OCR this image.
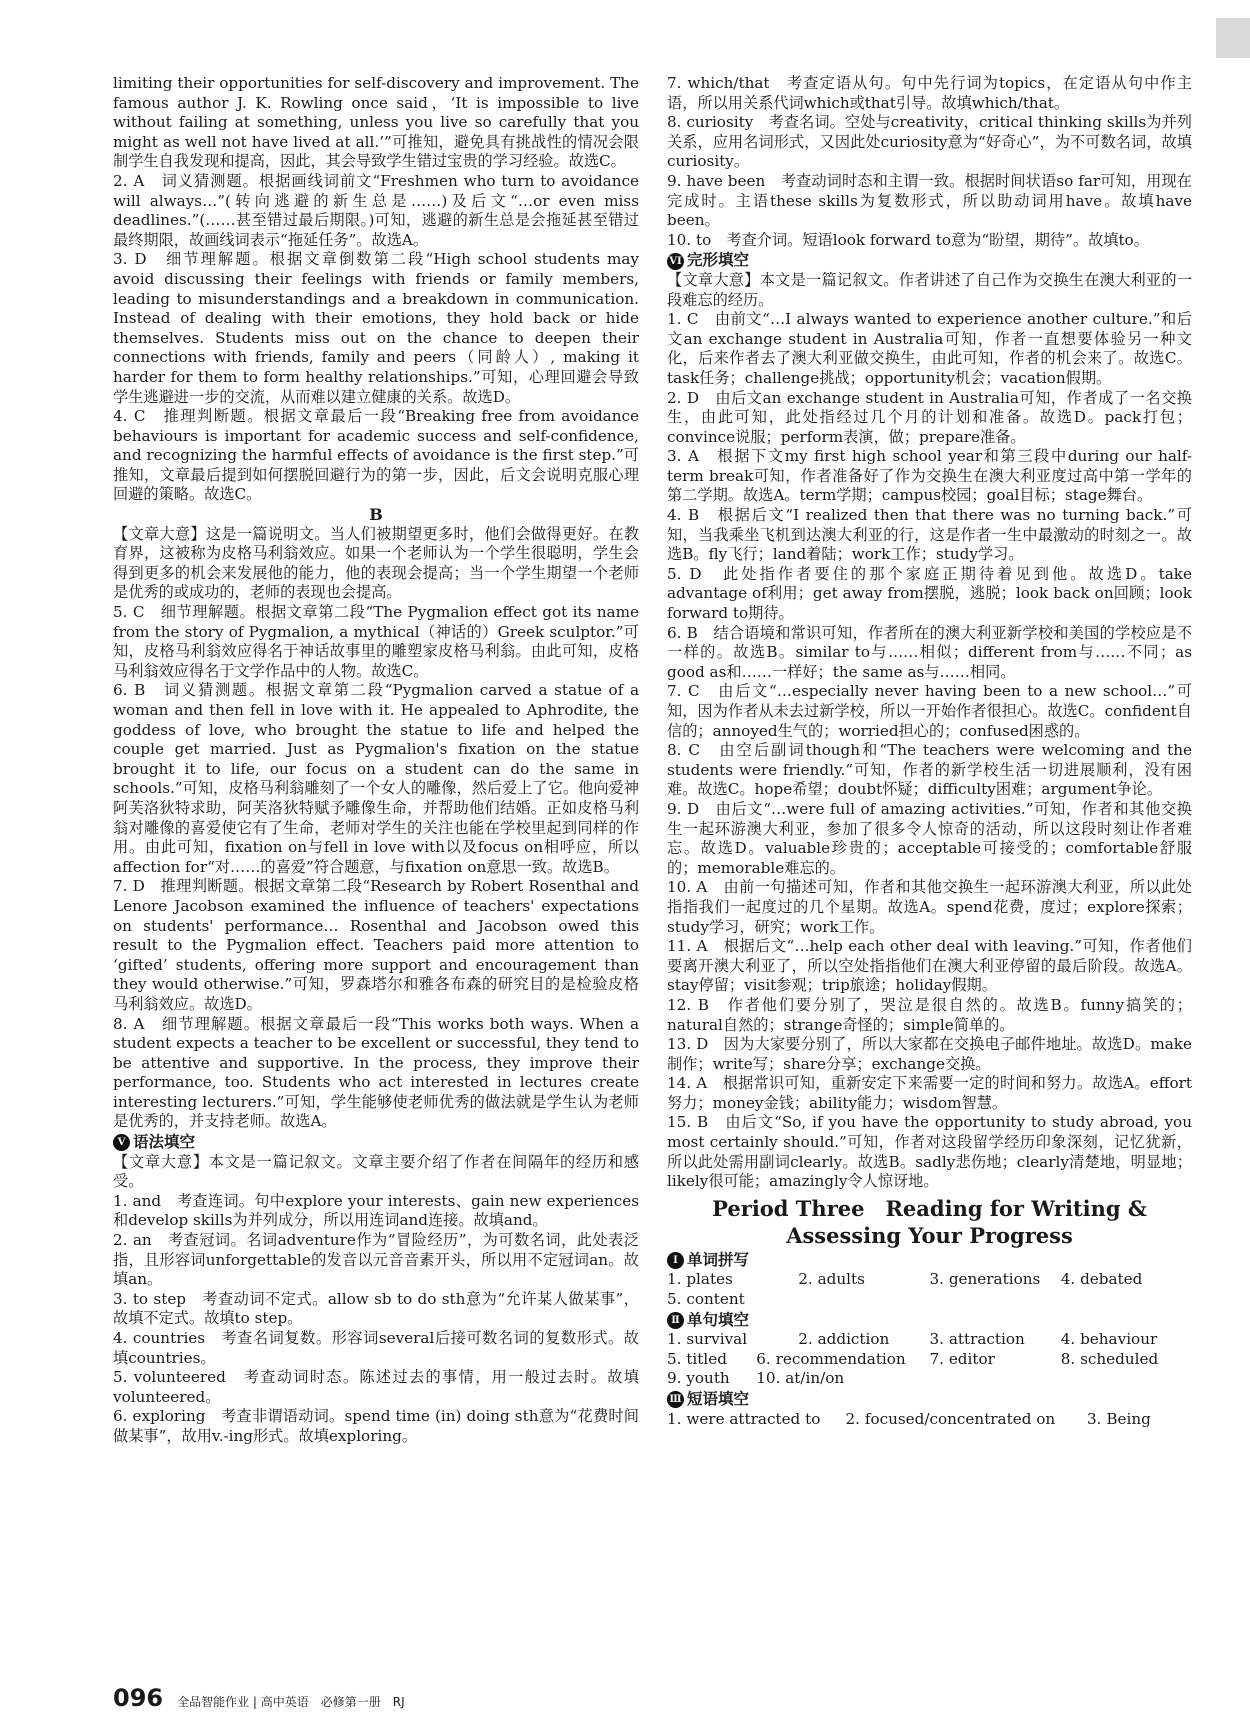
limiting their opportunities for self-discovery and improvement. The famous author J. K. Rowling once said，‘It is impossible to live without failing at something, unless you live so carefully that you might as well not have lived at all.’”可推知，避免具有挑战性的情况会限制学生自我发现和提高，因此，其会导致学生错过宝贵的学习经验。故选C。

2. A　词义猜测题。根据画线词前文“Freshmen who turn to avoidance will always…”(转向逃避的新生总是……)及后文“…or even miss deadlines.”(……甚至错过最后期限。)可知，逃避的新生总是会拖延甚至错过最终期限，故画线词表示“拖延任务”。故选A。

3. D　细节理解题。根据文章倒数第二段“High school students may avoid discussing their feelings with friends or family members, leading to misunderstandings and a breakdown in communication. Instead of dealing with their emotions, they hold back or hide themselves. Students miss out on the chance to deepen their connections with friends, family and peers（同龄人）, making it harder for them to form healthy relationships.”可知，心理回避会导致学生逃避进一步的交流，从而难以建立健康的关系。故选D。

4. C　推理判断题。根据文章最后一段“Breaking free from avoidance behaviours is important for academic success and self-confidence, and recognizing the harmful effects of avoidance is the first step.”可推知，文章最后提到如何摆脱回避行为的第一步，因此，后文会说明克服心理回避的策略。故选C。

B

【文章大意】这是一篇说明文。当人们被期望更多时，他们会做得更好。在教育界，这被称为皮格马利翁效应。如果一个老师认为一个学生很聪明，学生会得到更多的机会来发展他的能力，他的表现会提高；当一个学生期望一个老师是优秀的或成功的，老师的表现也会提高。

5. C　细节理解题。根据文章第二段“The Pygmalion effect got its name from the story of Pygmalion, a mythical（神话的）Greek sculptor.”可知，皮格马利翁效应得名于神话故事里的雕塑家皮格马利翁。由此可知，皮格马利翁效应得名于文学作品中的人物。故选C。

6. B　词义猜测题。根据文章第二段“Pygmalion carved a statue of a woman and then fell in love with it. He appealed to Aphrodite, the goddess of love, who brought the statue to life and helped the couple get married. Just as Pygmalion's fixation on the statue brought it to life, our focus on a student can do the same in schools.”可知，皮格马利翁雕刻了一个女人的雕像，然后爱上了它。他向爱神阿芙洛狄特求助，阿芙洛狄特赋予雕像生命，并帮助他们结婚。正如皮格马利翁对雕像的喜爱使它有了生命，老师对学生的关注也能在学校里起到同样的作用。由此可知，fixation on与fell in love with以及focus on相呼应，所以affection for“对……的喜爱”符合题意，与fixation on意思一致。故选B。

7. D　推理判断题。根据文章第二段“Research by Robert Rosenthal and Lenore Jacobson examined the influence of teachers' expectations on students' performance… Rosenthal and Jacobson owed this result to the Pygmalion effect. Teachers paid more attention to ‘gifted’ students, offering more support and encouragement than they would otherwise.”可知，罗森塔尔和雅各布森的研究目的是检验皮格马利翁效应。故选D。

8. A　细节理解题。根据文章最后一段“This works both ways. When a student expects a teacher to be excellent or successful, they tend to be attentive and supportive. In the process, they improve their performance, too. Students who act interested in lectures create interesting lecturers.”可知，学生能够使老师优秀的做法就是学生认为老师是优秀的，并支持老师。故选A。

V 语法填空

【文章大意】本文是一篇记叙文。文章主要介绍了作者在间隔年的经历和感受。

1. and　考查连词。句中explore your interests、gain new experiences和develop skills为并列成分，所以用连词and连接。故填and。

2. an　考查冠词。名词adventure作为“冒险经历”，为可数名词，此处表泛指，且形容词unforgettable的发音以元音音素开头，所以用不定冠词an。故填an。

3. to step　考查动词不定式。allow sb to do sth意为“允许某人做某事”，故填不定式。故填to step。

4. countries　考查名词复数。形容词several后接可数名词的复数形式。故填countries。

5. volunteered　考查动词时态。陈述过去的事情，用一般过去时。故填volunteered。

6. exploring　考查非谓语动词。spend time (in) doing sth意为“花费时间做某事”，故用v.-ing形式。故填exploring。

7. which/that　考查定语从句。句中先行词为topics，在定语从句中作主语，所以用关系代词which或that引导。故填which/that。

8. curiosity　考查名词。空处与creativity，critical thinking skills为并列关系，应用名词形式，又因此处curiosity意为“好奇心”，为不可数名词，故填curiosity。

9. have been　考查动词时态和主谓一致。根据时间状语so far可知，用现在完成时。主语these skills为复数形式，所以助动词用have。故填have been。

10. to　考查介词。短语look forward to意为“盼望，期待”。故填to。

VI 完形填空

【文章大意】本文是一篇记叙文。作者讲述了自己作为交换生在澳大利亚的一段难忘的经历。

1. C　由前文“…I always wanted to experience another culture.”和后文an exchange student in Australia可知，作者一直想要体验另一种文化，后来作者去了澳大利亚做交换生，由此可知，作者的机会来了。故选C。task任务；challenge挑战；opportunity机会；vacation假期。

2. D　由后文an exchange student in Australia可知，作者成了一名交换生，由此可知，此处指经过几个月的计划和准备。故选D。pack打包；convince说服；perform表演，做；prepare准备。

3. A　根据下文my first high school year和第三段中during our half-term break可知，作者准备好了作为交换生在澳大利亚度过高中第一学年的第二学期。故选A。term学期；campus校园；goal目标；stage舞台。

4. B　根据后文“I realized then that there was no turning back.”可知，当我乘坐飞机到达澳大利亚的行，这是作者一生中最激动的时刻之一。故选B。fly飞行；land着陆；work工作；study学习。

5. D　此处指作者要住的那个家庭正期待着见到他。故选D。take advantage of利用；get away from摆脱，逃脱；look back on回顾；look forward to期待。

6. B　结合语境和常识可知，作者所在的澳大利亚新学校和美国的学校应是不一样的。故选B。similar to与……相似；different from与……不同；as good as和……一样好；the same as与……相同。

7. C　由后文“…especially never having been to a new school…”可知，因为作者从未去过新学校，所以一开始作者很担心。故选C。confident自信的；annoyed生气的；worried担心的；confused困惑的。

8. C　由空后副词though和“The teachers were welcoming and the students were friendly.”可知，作者的新学校生活一切进展顺利，没有困难。故选C。hope希望；doubt怀疑；difficulty困难；argument争论。

9. D　由后文“…were full of amazing activities.”可知，作者和其他交换生一起环游澳大利亚，参加了很多令人惊奇的活动，所以这段时刻让作者难忘。故选D。valuable珍贵的；acceptable可接受的；comfortable舒服的；memorable难忘的。

10. A　由前一句描述可知，作者和其他交换生一起环游澳大利亚，所以此处指指我们一起度过的几个星期。故选A。spend花费，度过；explore探索；study学习，研究；work工作。

11. A　根据后文“…help each other deal with leaving.”可知，作者他们要离开澳大利亚了，所以空处指指他们在澳大利亚停留的最后阶段。故选A。stay停留；visit参观；trip旅途；holiday假期。

12. B　作者他们要分别了，哭泣是很自然的。故选B。funny搞笑的；natural自然的；strange奇怪的；simple简单的。

13. D　因为大家要分别了，所以大家都在交换电子邮件地址。故选D。make制作；write写；share分享；exchange交换。

14. A　根据常识可知，重新安定下来需要一定的时间和努力。故选A。effort努力；money金钱；ability能力；wisdom智慧。

15. B　由后文“So, if you have the opportunity to study abroad, you most certainly should.”可知，作者对这段留学经历印象深刻，记忆犹新，所以此处需用副词clearly。故选B。sadly悲伤地；clearly清楚地，明显地；likely很可能；amazingly令人惊讶地。

Period Three　Reading for Writing & Assessing Your Progress
Ⅰ 单词拼写
1. plates	2. adults	3. generations	4. debated
5. content
Ⅱ 单句填空
1. survival	2. addiction	3. attraction	4. behaviour
5. titled	6. recommendation	7. editor	8. scheduled
9. youth	10. at/in/on
Ⅲ 短语填空
1. were attracted to	2. focused/concentrated on	3. Being
096 全品智能作业 | 高中英语　必修第一册　RJ
